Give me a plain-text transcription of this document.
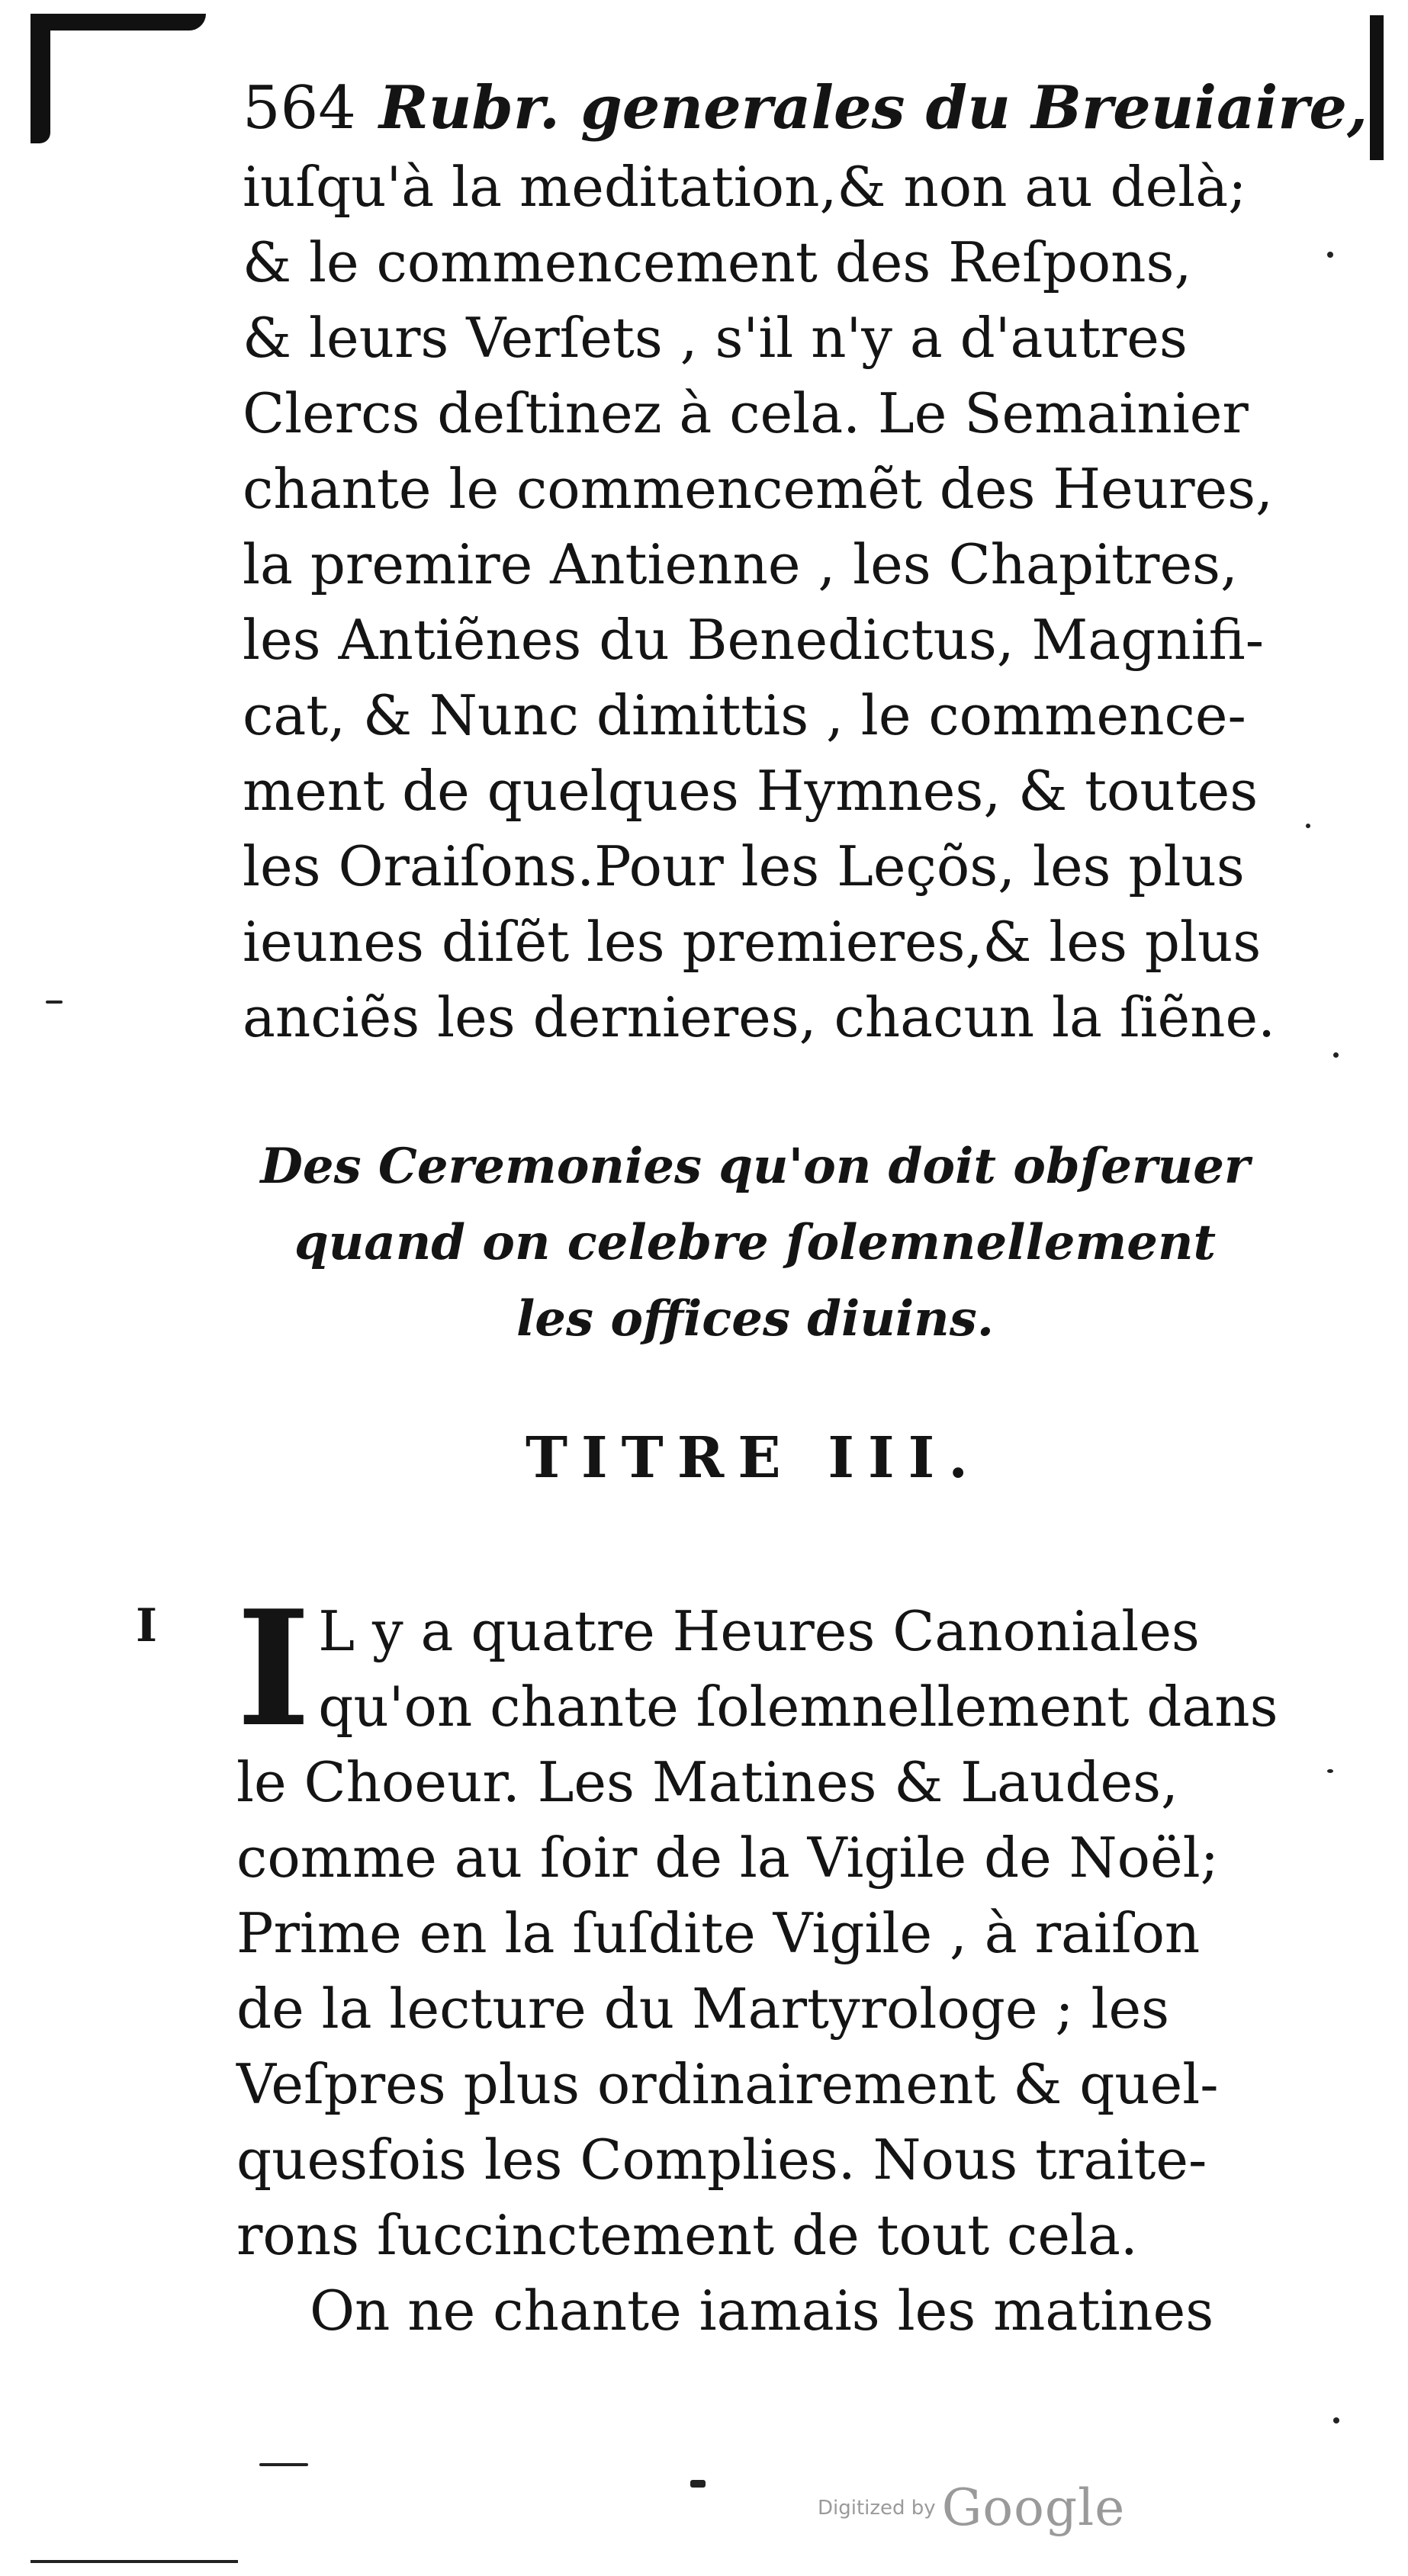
564 Rubr. generales du Breuiaire,
iuſqu'à la meditation,& non au delà;
& le commencement des Reſpons,
& leurs Verſets , s'il n'y a d'autres
Clercs deſtinez à cela. Le Semainier
chante le commencemẽt des Heures,
la premire Antienne , les Chapitres,
les Antiẽnes du Benedictus, Magnifi-
cat, & Nunc dimittis , le commence-
ment de quelques Hymnes, & toutes
les Oraiſons.Pour les Leçõs, les plus
ieunes diſẽt les premieres,& les plus
anciẽs les dernieres, chacun la ſiẽne.
Des Ceremonies qu'on doit obſeruer
quand on celebre ſolemnellement
les offices diuins.
TITRE III.
I I L y a quatre Heures Canoniales
qu'on chante ſolemnellement dans
le Choeur. Les Matines & Laudes,
comme au ſoir de la Vigile de Noël;
Prime en la ſuſdite Vigile , à raiſon
de la lecture du Martyrologe ; les
Veſpres plus ordinairement & quel-
quesfois les Complies. Nous traite-
rons ſuccinctement de tout cela.
On ne chante iamais les matines
Digitized by Google
